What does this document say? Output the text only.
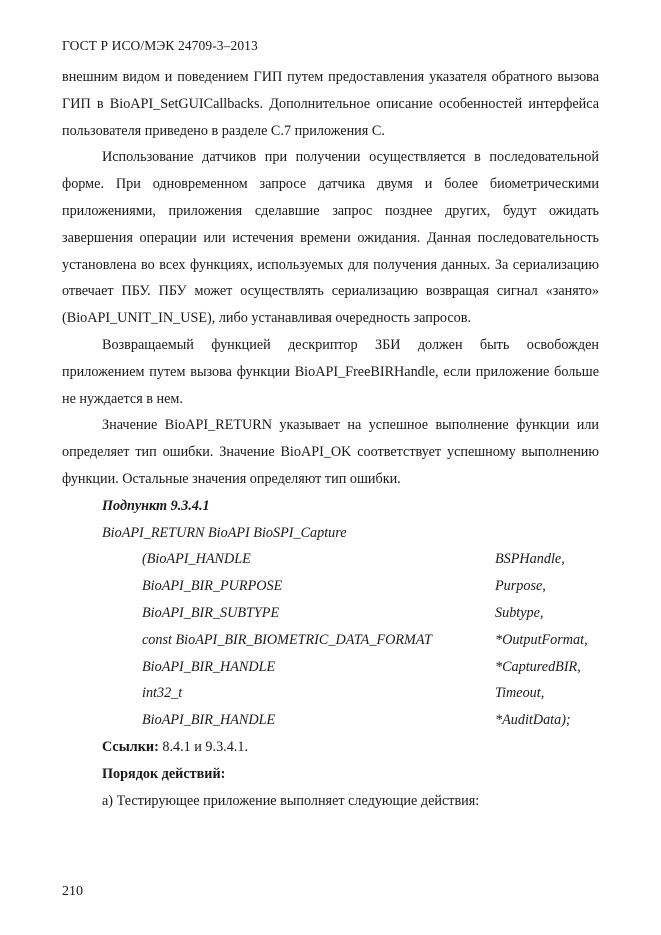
ГОСТ Р ИСО/МЭК 24709-3–2013

внешним видом и поведением ГИП путем предоставления указателя обратного вызова ГИП в BioAPI_SetGUICallbacks. Дополнительное описание особенностей интерфейса пользователя приведено в разделе C.7 приложения C.

Использование датчиков при получении осуществляется в последовательной форме. При одновременном запросе датчика двумя и более биометрическими приложениями, приложения сделавшие запрос позднее других, будут ожидать завершения операции или истечения времени ожидания. Данная последовательность установлена во всех функциях, используемых для получения данных. За сериализацию отвечает ПБУ. ПБУ может осуществлять сериализацию возвращая сигнал «занято» (BioAPI_UNIT_IN_USE), либо устанавливая очередность запросов.

Возвращаемый функцией дескриптор ЗБИ должен быть освобожден приложением путем вызова функции BioAPI_FreeBIRHandle, если приложение больше не нуждается в нем.

Значение BioAPI_RETURN указывает на успешное выполнение функции или определяет тип ошибки. Значение BioAPI_OK соответствует успешному выполнению функции. Остальные значения определяют тип ошибки.

Подпункт 9.3.4.1
BioAPI_RETURN BioAPI BioSPI_Capture
(BioAPI_HANDLE	BSPHandle,
BioAPI_BIR_PURPOSE	Purpose,
BioAPI_BIR_SUBTYPE	Subtype,
const BioAPI_BIR_BIOMETRIC_DATA_FORMAT	*OutputFormat,
BioAPI_BIR_HANDLE	*CapturedBIR,
int32_t	Timeout,
BioAPI_BIR_HANDLE	*AuditData);
Ссылки: 8.4.1 и 9.3.4.1.
Порядок действий:
а) Тестирующее приложение выполняет следующие действия:
210
